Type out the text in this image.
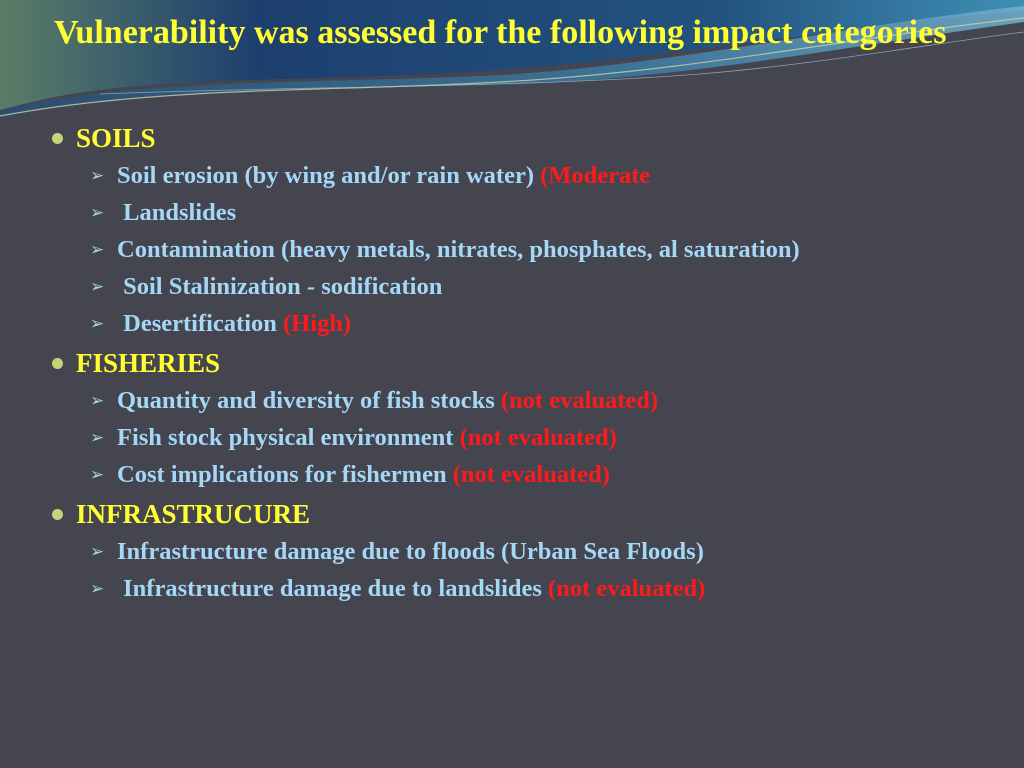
Vulnerability was assessed for the following impact categories
SOILS
➢ Soil erosion (by wing and/or rain water) (Moderate
➢ Landslides
➢ Contamination (heavy metals, nitrates, phosphates, al saturation)
➢ Soil Stalinization - sodification
➢ Desertification (High)
FISHERIES
➢ Quantity and diversity of fish stocks (not evaluated)
➢ Fish stock physical environment (not evaluated)
➢ Cost implications for fishermen (not evaluated)
INFRASTRUCURE
➢ Infrastructure damage due to floods (Urban Sea Floods)
➢ Infrastructure damage due to landslides (not evaluated)
